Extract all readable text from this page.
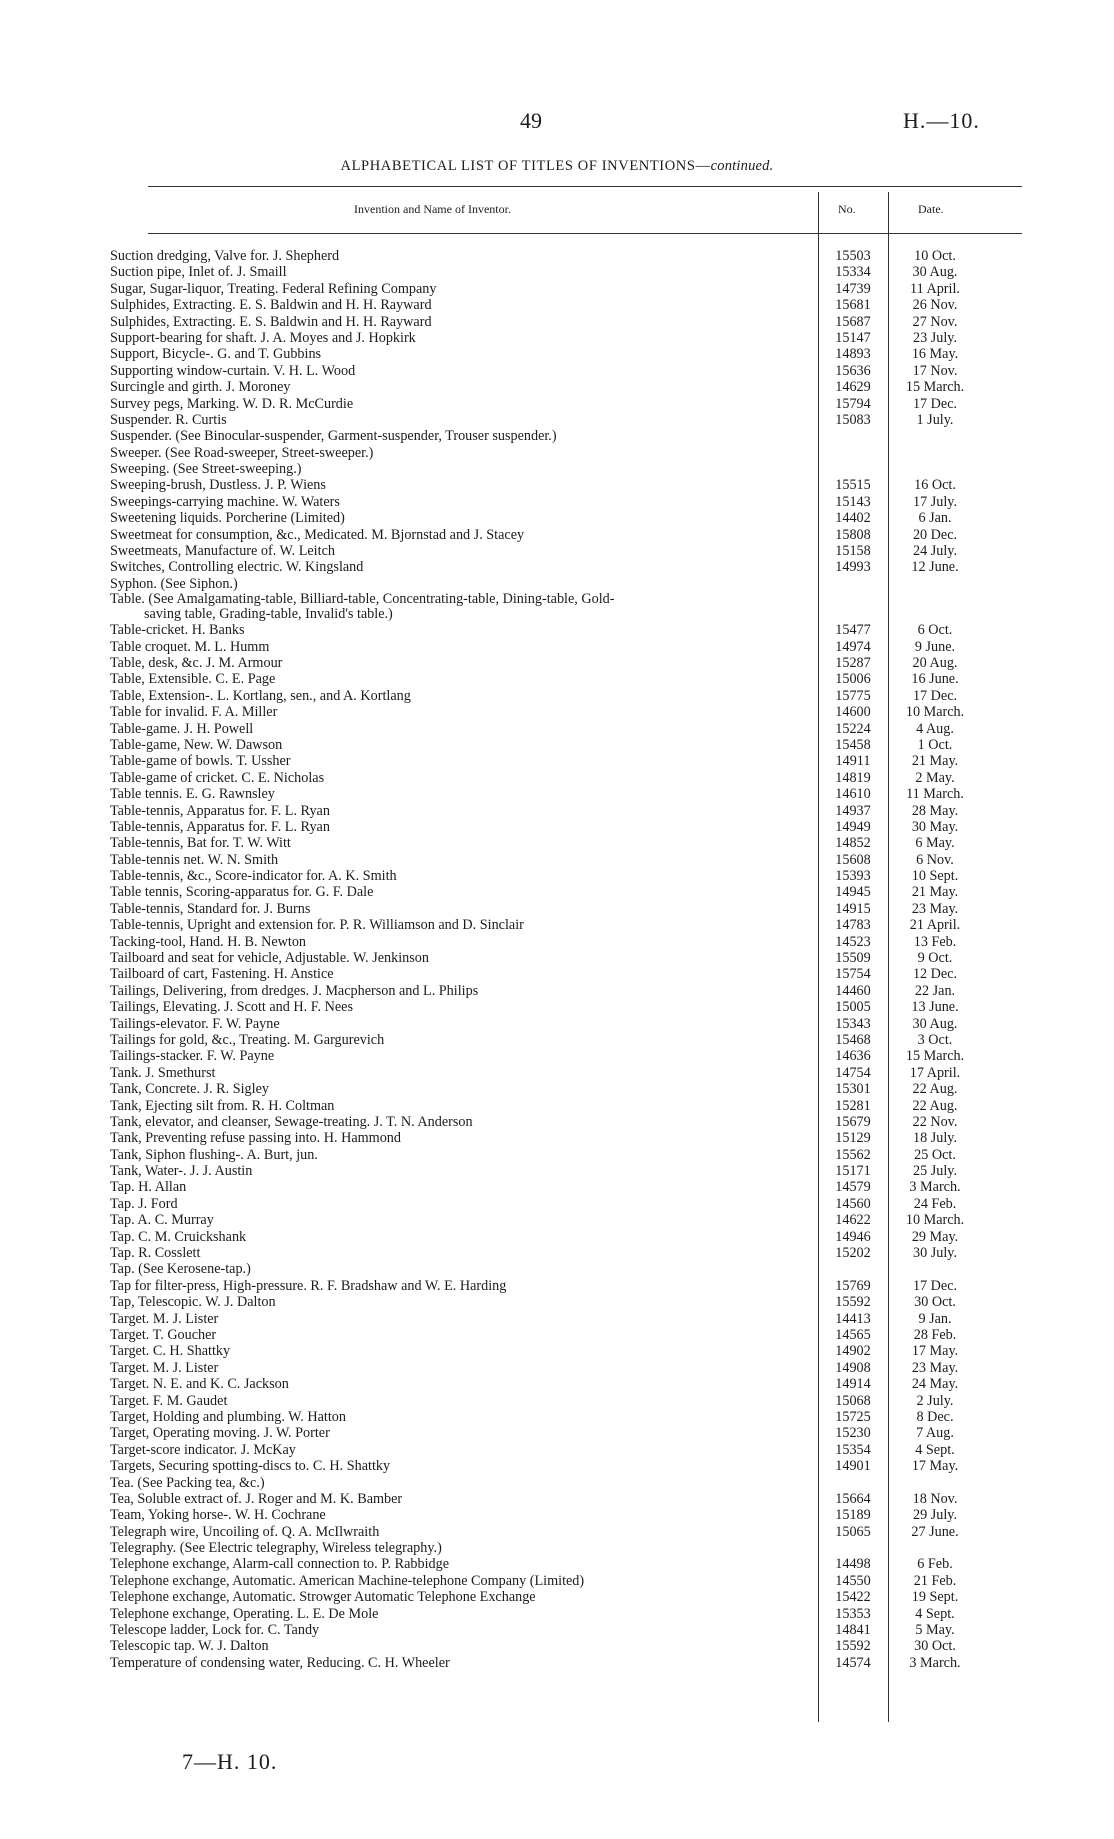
49	H.—10.
ALPHABETICAL LIST OF TITLES OF INVENTIONS—continued.
Invention and Name of Inventor.	No.	Date.
Suction dredging, Valve for. J. Shepherd	15503	10 Oct.
Suction pipe, Inlet of. J. Smaill	15334	30 Aug.
Sugar, Sugar-liquor, Treating. Federal Refining Company	14739	11 April.
Sulphides, Extracting. E. S. Baldwin and H. H. Rayward	15681	26 Nov.
Sulphides, Extracting. E. S. Baldwin and H. H. Rayward	15687	27 Nov.
Support-bearing for shaft. J. A. Moyes and J. Hopkirk	15147	23 July.
Support, Bicycle-. G. and T. Gubbins	14893	16 May.
Supporting window-curtain. V. H. L. Wood	15636	17 Nov.
Surcingle and girth. J. Moroney	14629	15 March.
Survey pegs, Marking. W. D. R. McCurdie	15794	17 Dec.
Suspender. R. Curtis	15083	1 July.
Suspender. (See Binocular-suspender, Garment-suspender, Trouser suspender.)
Sweeper. (See Road-sweeper, Street-sweeper.)
Sweeping. (See Street-sweeping.)
Sweeping-brush, Dustless. J. P. Wiens	15515	16 Oct.
Sweepings-carrying machine. W. Waters	15143	17 July.
Sweetening liquids. Porcherine (Limited)	14402	6 Jan.
Sweetmeat for consumption, &c., Medicated. M. Bjornstad and J. Stacey	15808	20 Dec.
Sweetmeats, Manufacture of. W. Leitch	15158	24 July.
Switches, Controlling electric. W. Kingsland	14993	12 June.
Syphon. (See Siphon.)
Table. (See Amalgamating-table, Billiard-table, Concentrating-table, Dining-table, Gold-
saving table, Grading-table, Invalid's table.)
Table-cricket. H. Banks	15477	6 Oct.
Table croquet. M. L. Humm	14974	9 June.
Table, desk, &c. J. M. Armour	15287	20 Aug.
Table, Extensible. C. E. Page	15006	16 June.
Table, Extension-. L. Kortlang, sen., and A. Kortlang	15775	17 Dec.
Table for invalid. F. A. Miller	14600	10 March.
Table-game. J. H. Powell	15224	4 Aug.
Table-game, New. W. Dawson	15458	1 Oct.
Table-game of bowls. T. Ussher	14911	21 May.
Table-game of cricket. C. E. Nicholas	14819	2 May.
Table tennis. E. G. Rawnsley	14610	11 March.
Table-tennis, Apparatus for. F. L. Ryan	14937	28 May.
Table-tennis, Apparatus for. F. L. Ryan	14949	30 May.
Table-tennis, Bat for. T. W. Witt	14852	6 May.
Table-tennis net. W. N. Smith	15608	6 Nov.
Table-tennis, &c., Score-indicator for. A. K. Smith	15393	10 Sept.
Table tennis, Scoring-apparatus for. G. F. Dale	14945	21 May.
Table-tennis, Standard for. J. Burns	14915	23 May.
Table-tennis, Upright and extension for. P. R. Williamson and D. Sinclair	14783	21 April.
Tacking-tool, Hand. H. B. Newton	14523	13 Feb.
Tailboard and seat for vehicle, Adjustable. W. Jenkinson	15509	9 Oct.
Tailboard of cart, Fastening. H. Anstice	15754	12 Dec.
Tailings, Delivering, from dredges. J. Macpherson and L. Philips	14460	22 Jan.
Tailings, Elevating. J. Scott and H. F. Nees	15005	13 June.
Tailings-elevator. F. W. Payne	15343	30 Aug.
Tailings for gold, &c., Treating. M. Gargurevich	15468	3 Oct.
Tailings-stacker. F. W. Payne	14636	15 March.
Tank. J. Smethurst	14754	17 April.
Tank, Concrete. J. R. Sigley	15301	22 Aug.
Tank, Ejecting silt from. R. H. Coltman	15281	22 Aug.
Tank, elevator, and cleanser, Sewage-treating. J. T. N. Anderson	15679	22 Nov.
Tank, Preventing refuse passing into. H. Hammond	15129	18 July.
Tank, Siphon flushing-. A. Burt, jun.	15562	25 Oct.
Tank, Water-. J. J. Austin	15171	25 July.
Tap. H. Allan	14579	3 March.
Tap. J. Ford	14560	24 Feb.
Tap. A. C. Murray	14622	10 March.
Tap. C. M. Cruickshank	14946	29 May.
Tap. R. Cosslett	15202	30 July.
Tap. (See Kerosene-tap.)
Tap for filter-press, High-pressure. R. F. Bradshaw and W. E. Harding	15769	17 Dec.
Tap, Telescopic. W. J. Dalton	15592	30 Oct.
Target. M. J. Lister	14413	9 Jan.
Target. T. Goucher	14565	28 Feb.
Target. C. H. Shattky	14902	17 May.
Target. M. J. Lister	14908	23 May.
Target. N. E. and K. C. Jackson	14914	24 May.
Target. F. M. Gaudet	15068	2 July.
Target, Holding and plumbing. W. Hatton	15725	8 Dec.
Target, Operating moving. J. W. Porter	15230	7 Aug.
Target-score indicator. J. McKay	15354	4 Sept.
Targets, Securing spotting-discs to. C. H. Shattky	14901	17 May.
Tea. (See Packing tea, &c.)
Tea, Soluble extract of. J. Roger and M. K. Bamber	15664	18 Nov.
Team, Yoking horse-. W. H. Cochrane	15189	29 July.
Telegraph wire, Uncoiling of. Q. A. McIlwraith	15065	27 June.
Telegraphy. (See Electric telegraphy, Wireless telegraphy.)
Telephone exchange, Alarm-call connection to. P. Rabbidge	14498	6 Feb.
Telephone exchange, Automatic. American Machine-telephone Company (Limited)	14550	21 Feb.
Telephone exchange, Automatic. Strowger Automatic Telephone Exchange	15422	19 Sept.
Telephone exchange, Operating. L. E. De Mole	15353	4 Sept.
Telescope ladder, Lock for. C. Tandy	14841	5 May.
Telescopic tap. W. J. Dalton	15592	30 Oct.
Temperature of condensing water, Reducing. C. H. Wheeler	14574	3 March.
7—H. 10.
